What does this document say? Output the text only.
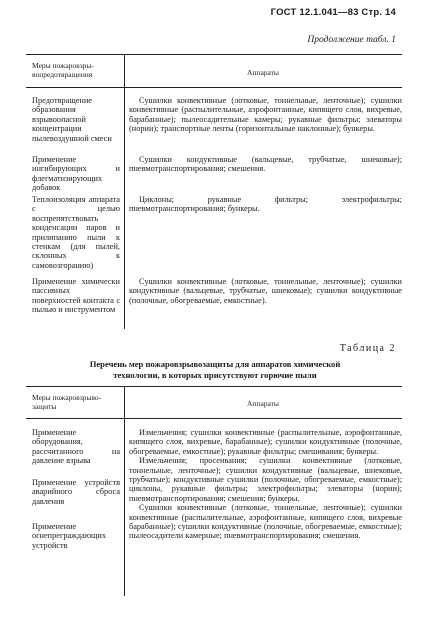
ГОСТ 12.1.041—83 Стр. 14
Продолжение табл. 1
Меры пожаровзры- вопредотвращения	Аппараты
Предотвращение образования взрывоопасной концентрации пылевоздушной смеси
Применение ингибирующих и флегматизирующих добавок
Теплоизоляция аппарата с целью воспрепятствовать конденсации паров и прилипанию пыли к стенкам (для пылей, склонных к самовозгоранию)
Применение химически пассивных поверхностей контакта с пылью и инструментом
Сушилки конвективные (лотковые, тоннельные, ленточные); сушилки конвективные (распылительные, аэрофонтанные, кипящего слоя, вихревые, барабанные); пылеосадительные камеры; рукавные фильтры; элеваторы (нории); транспортные ленты (горизонтальные наклонные); бункеры.
Сушилки кондуктивные (вальцевые, трубчатые, шнековые); пневмотранспортирования; смешения.
Циклоны; рукавные фильтры; электрофильтры; пневмотранспортирования; бункеры.
Сушилки конвективные (лотковые, тоннельные, ленточные); сушилки кондуктивные (вальцевые, трубчатые, шнековые); сушилки кондуктивные (полочные, обогреваемые, емкостные).
Таблица 2
Перечень мер пожаровзрывозащиты для аппаратов химической технологии, в которых присутствуют горючие пыли
Меры пожаровзрыво- защиты	Аппараты
Применение оборудования, рассчитанного на давление взрыва
Применение устройств аварийного сброса давления
Применение огнепреграждающих устройств

Измельчения; сушилки конвективные (распылительные, аэрофонтанные, кипящего слоя, вихревые, барабанные); сушилки кондуктивные (полочные, обогреваемые, емкостные); рукавные фильтры; смешивания; бункеры.

Измельчения; просеивания; сушилки конвективные (лотковые, тоннельные, ленточные); сушилки кондуктивные (вальцевые, шнековые, трубчатые); кондуктивные сушилки (полочные, обогреваемые, емкостные); циклоны, рукавные фильтры; электрофильтры; элеваторы (нории); пневмотранспортирования; смешения; бункеры.

Сушилки конвективные (лотковые, тоннельные, ленточные); сушилки конвективные (распылительные, аэрофонтанные, кипящего слоя, вихревые барабанные); сушилки кондуктивные (полочные, обогреваемые, емкостные); пылеосадители камерные; пневмотранспортирования; смешения.
